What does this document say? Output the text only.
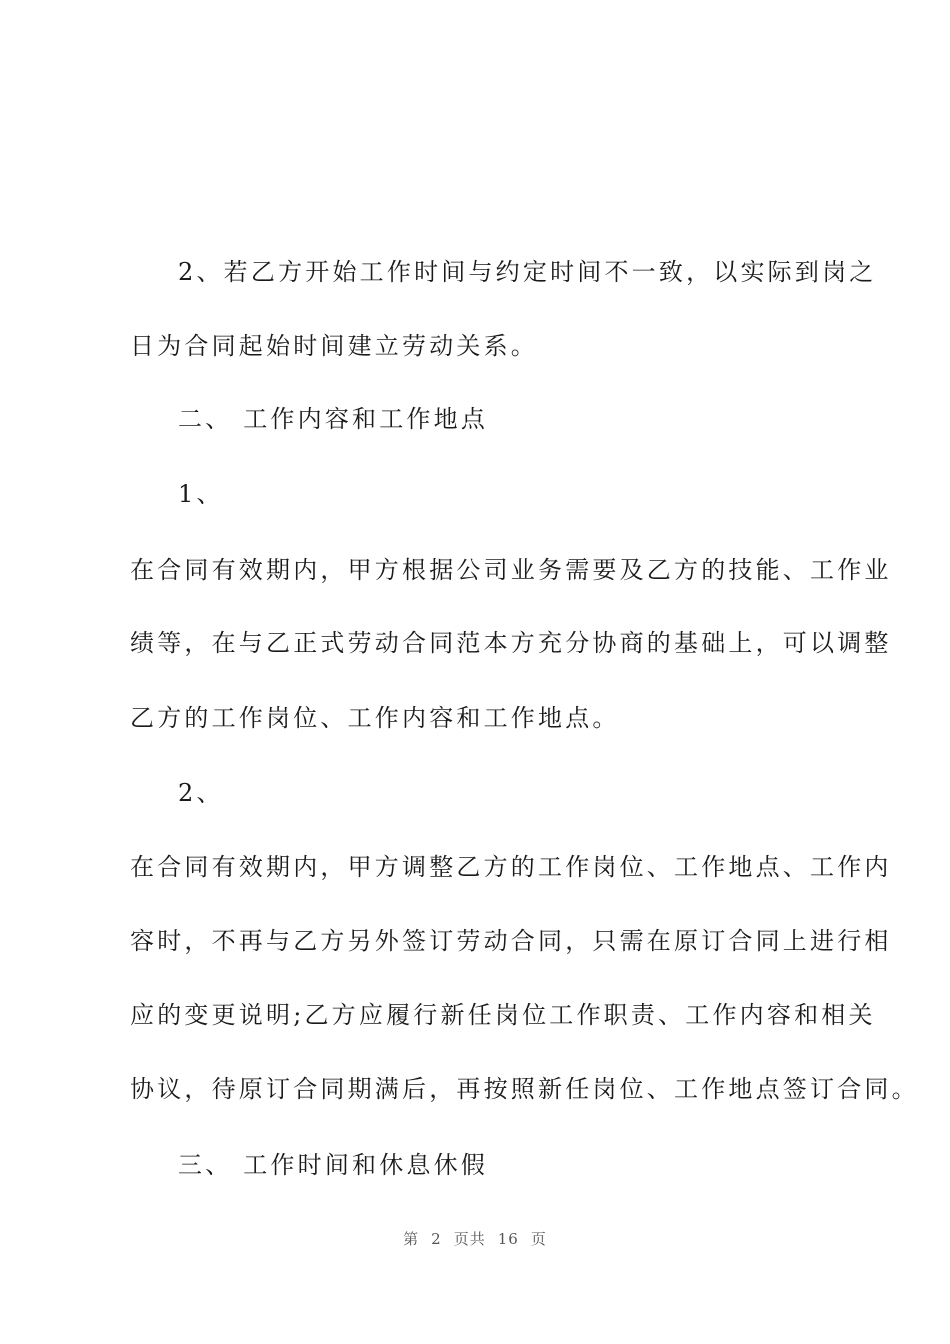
2、若乙方开始工作时间与约定时间不一致，以实际到岗之
日为合同起始时间建立劳动关系。
二、 工作内容和工作地点
1、
在合同有效期内，甲方根据公司业务需要及乙方的技能、工作业
绩等，在与乙正式劳动合同范本方充分协商的基础上，可以调整
乙方的工作岗位、工作内容和工作地点。
2、
在合同有效期内，甲方调整乙方的工作岗位、工作地点、工作内
容时，不再与乙方另外签订劳动合同，只需在原订合同上进行相
应的变更说明;乙方应履行新任岗位工作职责、工作内容和相关
协议，待原订合同期满后，再按照新任岗位、工作地点签订合同。
三、 工作时间和休息休假
第 2 页共 16 页
